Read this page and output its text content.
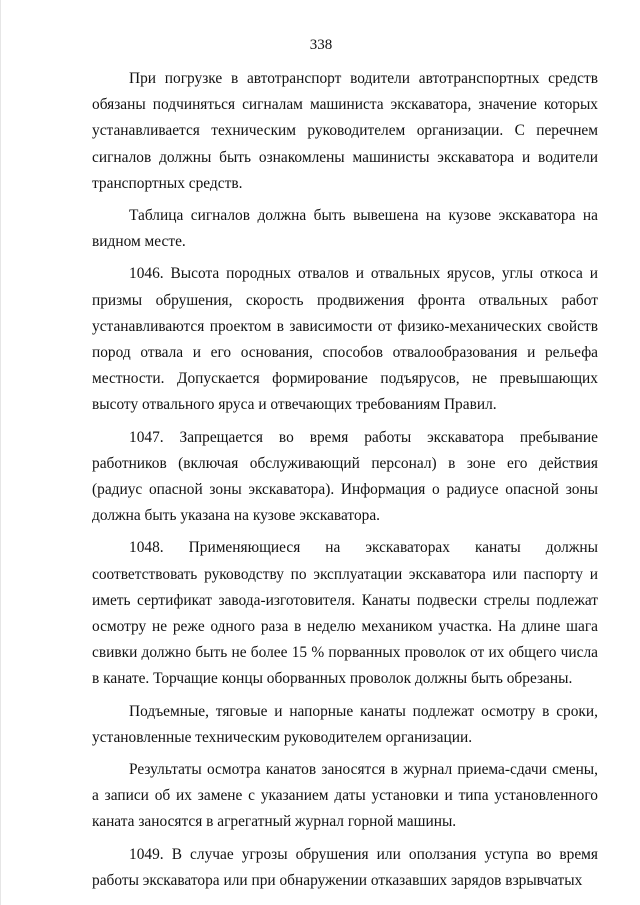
338

При погрузке в автотранспорт водители автотранспортных средств обязаны подчиняться сигналам машиниста экскаватора, значение которых устанавливается техническим руководителем организации. С перечнем сигналов должны быть ознакомлены машинисты экскаватора и водители транспортных средств.

Таблица сигналов должна быть вывешена на кузове экскаватора на видном месте.

1046. Высота породных отвалов и отвальных ярусов, углы откоса и призмы обрушения, скорость продвижения фронта отвальных работ устанавливаются проектом в зависимости от физико-механических свойств пород отвала и его основания, способов отвалообразования и рельефа местности. Допускается формирование подъярусов, не превышающих высоту отвального яруса и отвечающих требованиям Правил.

1047. Запрещается во время работы экскаватора пребывание работников (включая обслуживающий персонал) в зоне его действия (радиус опасной зоны экскаватора). Информация о радиусе опасной зоны должна быть указана на кузове экскаватора.

1048. Применяющиеся на экскаваторах канаты должны соответствовать руководству по эксплуатации экскаватора или паспорту и иметь сертификат завода-изготовителя. Канаты подвески стрелы подлежат осмотру не реже одного раза в неделю механиком участка. На длине шага свивки должно быть не более 15 % порванных проволок от их общего числа в канате. Торчащие концы оборванных проволок должны быть обрезаны.

Подъемные, тяговые и напорные канаты подлежат осмотру в сроки, установленные техническим руководителем организации.

Результаты осмотра канатов заносятся в журнал приема-сдачи смены, а записи об их замене с указанием даты установки и типа установленного каната заносятся в агрегатный журнал горной машины.

1049. В случае угрозы обрушения или оползания уступа во время работы экскаватора или при обнаружении отказавших зарядов взрывчатых
